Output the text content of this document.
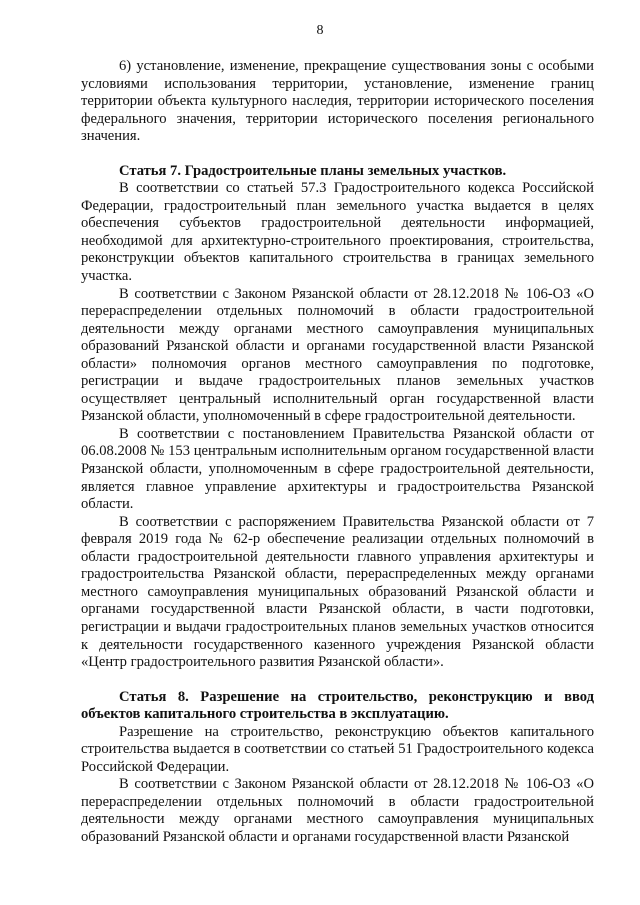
8

6) установление, изменение, прекращение существования зоны с особыми условиями использования территории, установление, изменение границ территории объекта культурного наследия, территории исторического поселения федерального значения, территории исторического поселения регионального значения.

Статья 7. Градостроительные планы земельных участков.

В соответствии со статьей 57.3 Градостроительного кодекса Российской Федерации, градостроительный план земельного участка выдается в целях обеспечения субъектов градостроительной деятельности информацией, необходимой для архитектурно-строительного проектирования, строительства, реконструкции объектов капитального строительства в границах земельного участка.

В соответствии с Законом Рязанской области от 28.12.2018 № 106-ОЗ «О перераспределении отдельных полномочий в области градостроительной деятельности между органами местного самоуправления муниципальных образований Рязанской области и органами государственной власти Рязанской области» полномочия органов местного самоуправления по подготовке, регистрации и выдаче градостроительных планов земельных участков осуществляет центральный исполнительный орган государственной власти Рязанской области, уполномоченный в сфере градостроительной деятельности.

В соответствии с постановлением Правительства Рязанской области от 06.08.2008 № 153 центральным исполнительным органом государственной власти Рязанской области, уполномоченным в сфере градостроительной деятельности, является главное управление архитектуры и градостроительства Рязанской области.

В соответствии с распоряжением Правительства Рязанской области от 7 февраля 2019 года № 62-р обеспечение реализации отдельных полномочий в области градостроительной деятельности главного управления архитектуры и градостроительства Рязанской области, перераспределенных между органами местного самоуправления муниципальных образований Рязанской области и органами государственной власти Рязанской области, в части подготовки, регистрации и выдачи градостроительных планов земельных участков относится к деятельности государственного казенного учреждения Рязанской области «Центр градостроительного развития Рязанской области».

Статья 8. Разрешение на строительство, реконструкцию и ввод объектов капитального строительства в эксплуатацию.

Разрешение на строительство, реконструкцию объектов капитального строительства выдается в соответствии со статьей 51 Градостроительного кодекса Российской Федерации.

В соответствии с Законом Рязанской области от 28.12.2018 № 106-ОЗ «О перераспределении отдельных полномочий в области градостроительной деятельности между органами местного самоуправления муниципальных образований Рязанской области и органами государственной власти Рязанской
